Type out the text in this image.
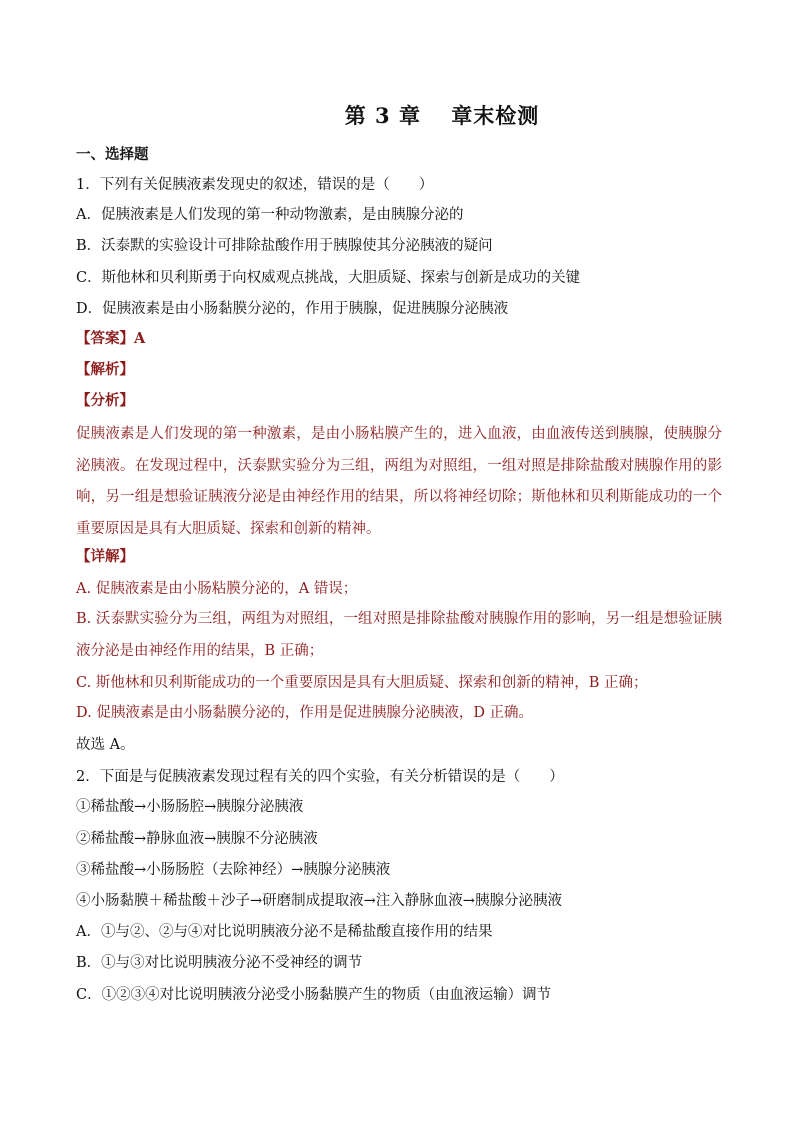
第 3 章　 章末检测
一、选择题
1．下列有关促胰液素发现史的叙述，错误的是（　　）
A．促胰液素是人们发现的第一种动物激素，是由胰腺分泌的
B．沃泰默的实验设计可排除盐酸作用于胰腺使其分泌胰液的疑问
C．斯他林和贝利斯勇于向权威观点挑战，大胆质疑、探索与创新是成功的关键
D．促胰液素是由小肠黏膜分泌的，作用于胰腺，促进胰腺分泌胰液
【答案】A
【解析】
【分析】
促胰液素是人们发现的第一种激素，是由小肠粘膜产生的，进入血液，由血液传送到胰腺，使胰腺分泌胰液。在发现过程中，沃泰默实验分为三组，两组为对照组，一组对照是排除盐酸对胰腺作用的影响，另一组是想验证胰液分泌是由神经作用的结果，所以将神经切除；斯他林和贝利斯能成功的一个重要原因是具有大胆质疑、探索和创新的精神。
【详解】
A. 促胰液素是由小肠粘膜分泌的，A 错误；
B. 沃泰默实验分为三组，两组为对照组，一组对照是排除盐酸对胰腺作用的影响，另一组是想验证胰液分泌是由神经作用的结果，B 正确；
C. 斯他林和贝利斯能成功的一个重要原因是具有大胆质疑、探索和创新的精神，B 正确；
D. 促胰液素是由小肠黏膜分泌的，作用是促进胰腺分泌胰液，D 正确。
故选 A。
2．下面是与促胰液素发现过程有关的四个实验，有关分析错误的是（　　）
①稀盐酸→小肠肠腔→胰腺分泌胰液
②稀盐酸→静脉血液→胰腺不分泌胰液
③稀盐酸→小肠肠腔（去除神经）→胰腺分泌胰液
④小肠黏膜＋稀盐酸＋沙子→研磨制成提取液→注入静脉血液→胰腺分泌胰液
A．①与②、②与④对比说明胰液分泌不是稀盐酸直接作用的结果
B．①与③对比说明胰液分泌不受神经的调节
C．①②③④对比说明胰液分泌受小肠黏膜产生的物质（由血液运输）调节
